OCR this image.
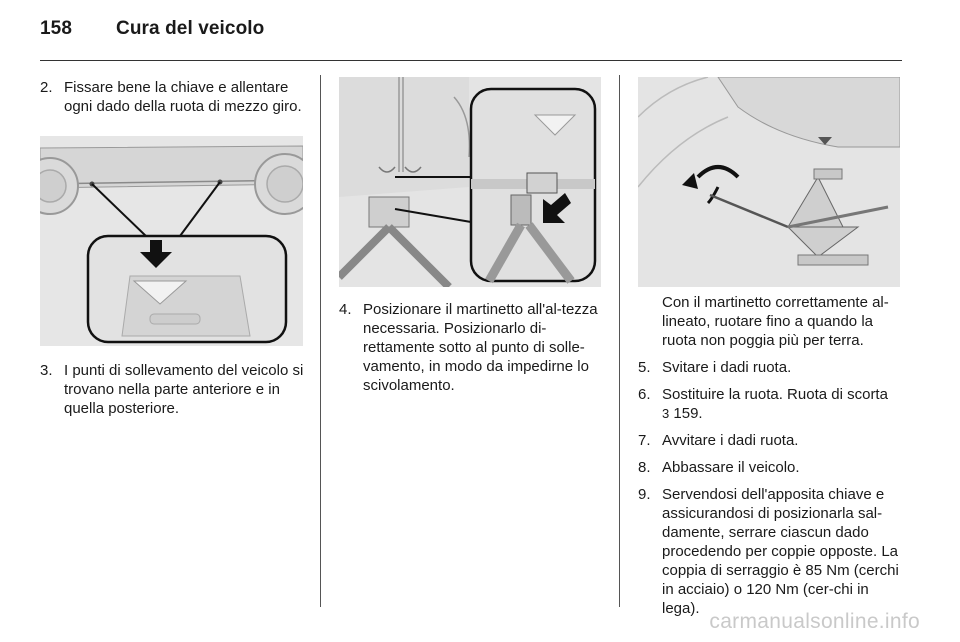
158 Cura del veicolo
2. Fissare bene la chiave e allentare ogni dado della ruota di mezzo giro.
3. I punti di sollevamento del veicolo si trovano nella parte anteriore e in quella posteriore.
4. Posizionare il martinetto all'al-tezza necessaria. Posizionarlo di-rettamente sotto al punto di solle-vamento, in modo da impedirne lo scivolamento.
Con il martinetto correttamente al-lineato, ruotare fino a quando la ruota non poggia più per terra.
5. Svitare i dadi ruota.
6. Sostituire la ruota. Ruota di scorta
3 159.
7. Avvitare i dadi ruota.
8. Abbassare il veicolo.
9. Servendosi dell'apposita chiave e assicurandosi di posizionarla sal-damente, serrare ciascun dado procedendo per coppie opposte. La coppia di serraggio è 85 Nm (cerchi in acciaio) o 120 Nm (cer-chi in lega).
carmanualsonline.info
